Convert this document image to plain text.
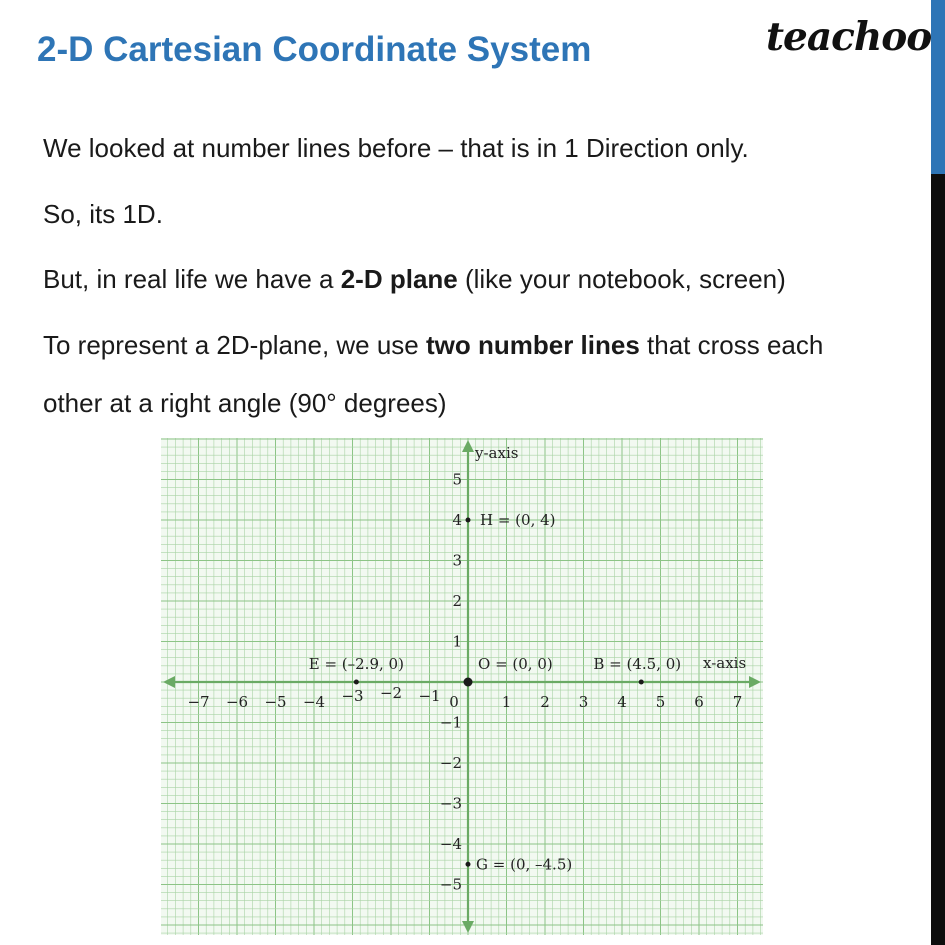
2-D Cartesian Coordinate System	teachoo
We looked at number lines before – that is in 1 Direction only.
So, its 1D.
But, in real life we have a 2-D plane (like your notebook, screen)
To represent a 2D-plane, we use two number lines that cross each
other at a right angle (90° degrees)
x-axis
y-axis
−7 −6 −5 −4 −3 −2 −1	1 2 3 4 5 6 7
0
5
4
3
2
1
−1
−2
−3
−4
−5
E = (–2.9, 0)	O = (0, 0)	B = (4.5, 0)
H = (0, 4)
G = (0, –4.5)
